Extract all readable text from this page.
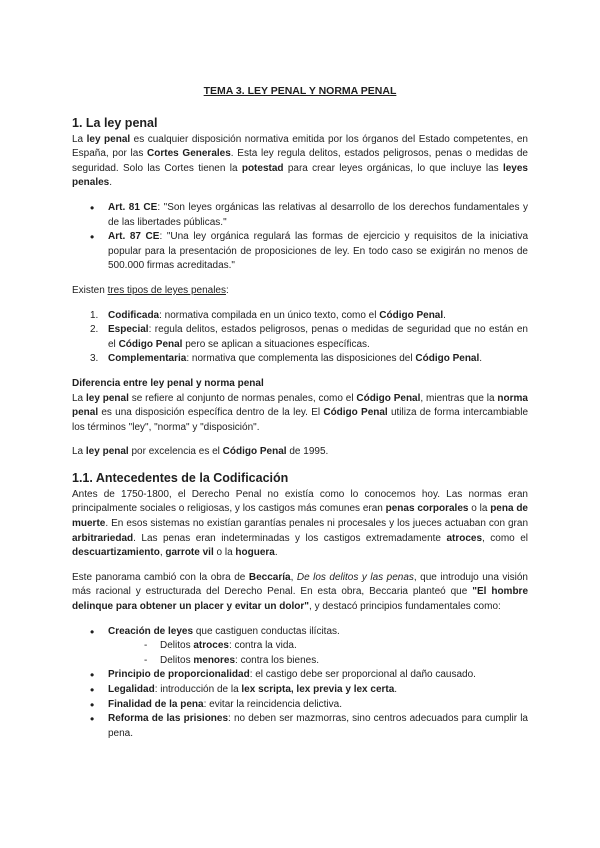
TEMA 3. LEY PENAL Y NORMA PENAL
1. La ley penal

La ley penal es cualquier disposición normativa emitida por los órganos del Estado competentes, en España, por las Cortes Generales. Esta ley regula delitos, estados peligrosos, penas o medidas de seguridad. Solo las Cortes tienen la potestad para crear leyes orgánicas, lo que incluye las leyes penales.

• Art. 81 CE: "Son leyes orgánicas las relativas al desarrollo de los derechos fundamentales y de las libertades públicas."
• Art. 87 CE: "Una ley orgánica regulará las formas de ejercicio y requisitos de la iniciativa popular para la presentación de proposiciones de ley. En todo caso se exigirán no menos de 500.000 firmas acreditadas."

Existen tres tipos de leyes penales:

1. Codificada: normativa compilada en un único texto, como el Código Penal.
2. Especial: regula delitos, estados peligrosos, penas o medidas de seguridad que no están en el Código Penal pero se aplican a situaciones específicas.
3. Complementaria: normativa que complementa las disposiciones del Código Penal.
Diferencia entre ley penal y norma penal

La ley penal se refiere al conjunto de normas penales, como el Código Penal, mientras que la norma penal es una disposición específica dentro de la ley. El Código Penal utiliza de forma intercambiable los términos "ley", "norma" y "disposición".

La ley penal por excelencia es el Código Penal de 1995.

1.1. Antecedentes de la Codificación

Antes de 1750-1800, el Derecho Penal no existía como lo conocemos hoy. Las normas eran principalmente sociales o religiosas, y los castigos más comunes eran penas corporales o la pena de muerte. En esos sistemas no existían garantías penales ni procesales y los jueces actuaban con gran arbitrariedad. Las penas eran indeterminadas y los castigos extremadamente atroces, como el descuartizamiento, garrote vil o la hoguera.

Este panorama cambió con la obra de Beccaría, De los delitos y las penas, que introdujo una visión más racional y estructurada del Derecho Penal. En esta obra, Beccaria planteó que "El hombre delinque para obtener un placer y evitar un dolor", y destacó principios fundamentales como:

• Creación de leyes que castiguen conductas ilícitas.
- Delitos atroces: contra la vida.
- Delitos menores: contra los bienes.
• Principio de proporcionalidad: el castigo debe ser proporcional al daño causado.
• Legalidad: introducción de la lex scripta, lex previa y lex certa.
• Finalidad de la pena: evitar la reincidencia delictiva.
• Reforma de las prisiones: no deben ser mazmorras, sino centros adecuados para cumplir la pena.
